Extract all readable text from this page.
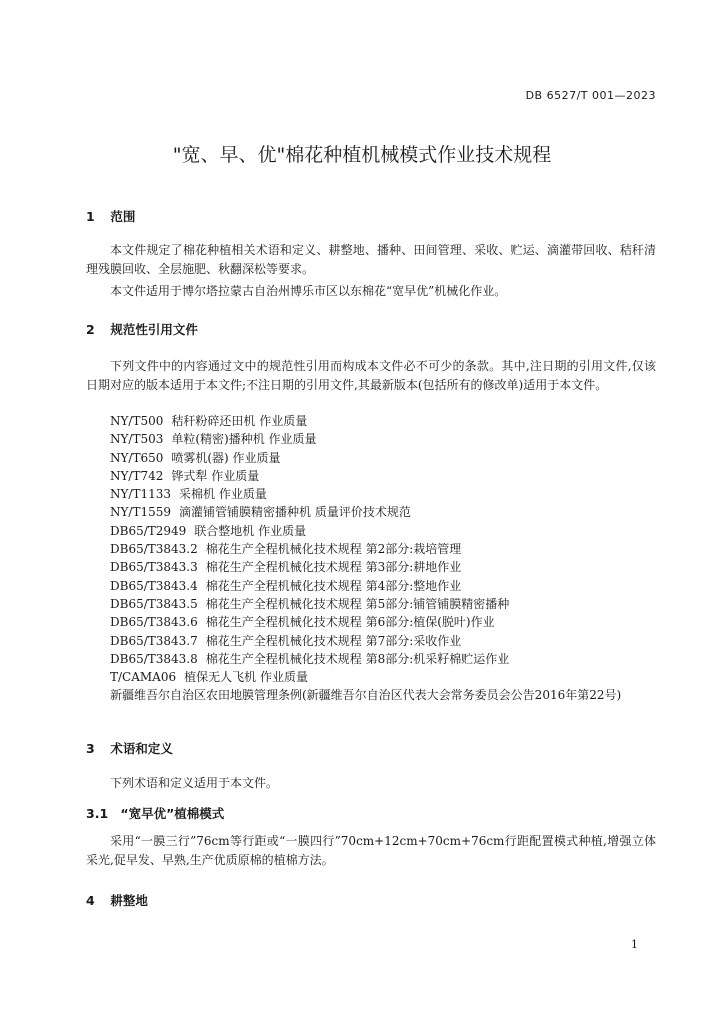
DB 6527/T 001—2023
"宽、早、优"棉花种植机械模式作业技术规程
1 范围

本文件规定了棉花种植相关术语和定义、耕整地、播种、田间管理、采收、贮运、滴灌带回收、秸秆清理残膜回收、全层施肥、秋翻深松等要求。

本文件适用于博尔塔拉蒙古自治州博乐市区以东棉花“宽早优”机械化作业。

2 规范性引用文件

下列文件中的内容通过文中的规范性引用而构成本文件必不可少的条款。其中,注日期的引用文件,仅该日期对应的版本适用于本文件;不注日期的引用文件,其最新版本(包括所有的修改单)适用于本文件。

NY/T500 秸秆粉碎还田机 作业质量
NY/T503 单粒(精密)播种机 作业质量
NY/T650 喷雾机(器) 作业质量
NY/T742 铧式犁 作业质量
NY/T1133 采棉机 作业质量
NY/T1559 滴灌铺管铺膜精密播种机 质量评价技术规范
DB65/T2949 联合整地机 作业质量
DB65/T3843.2 棉花生产全程机械化技术规程 第2部分:栽培管理
DB65/T3843.3 棉花生产全程机械化技术规程 第3部分:耕地作业
DB65/T3843.4 棉花生产全程机械化技术规程 第4部分:整地作业
DB65/T3843.5 棉花生产全程机械化技术规程 第5部分:铺管铺膜精密播种
DB65/T3843.6 棉花生产全程机械化技术规程 第6部分:植保(脱叶)作业
DB65/T3843.7 棉花生产全程机械化技术规程 第7部分:采收作业
DB65/T3843.8 棉花生产全程机械化技术规程 第8部分:机采籽棉贮运作业
T/CAMA06 植保无人飞机 作业质量
新疆维吾尔自治区农田地膜管理条例(新疆维吾尔自治区代表大会常务委员会公告2016年第22号)
3 术语和定义

下列术语和定义适用于本文件。

3.1 “宽早优”植棉模式

采用“一膜三行”76cm等行距或“一膜四行”70cm+12cm+70cm+76cm行距配置模式种植,增强立体采光,促早发、早熟,生产优质原棉的植棉方法。

4 耕整地
1
